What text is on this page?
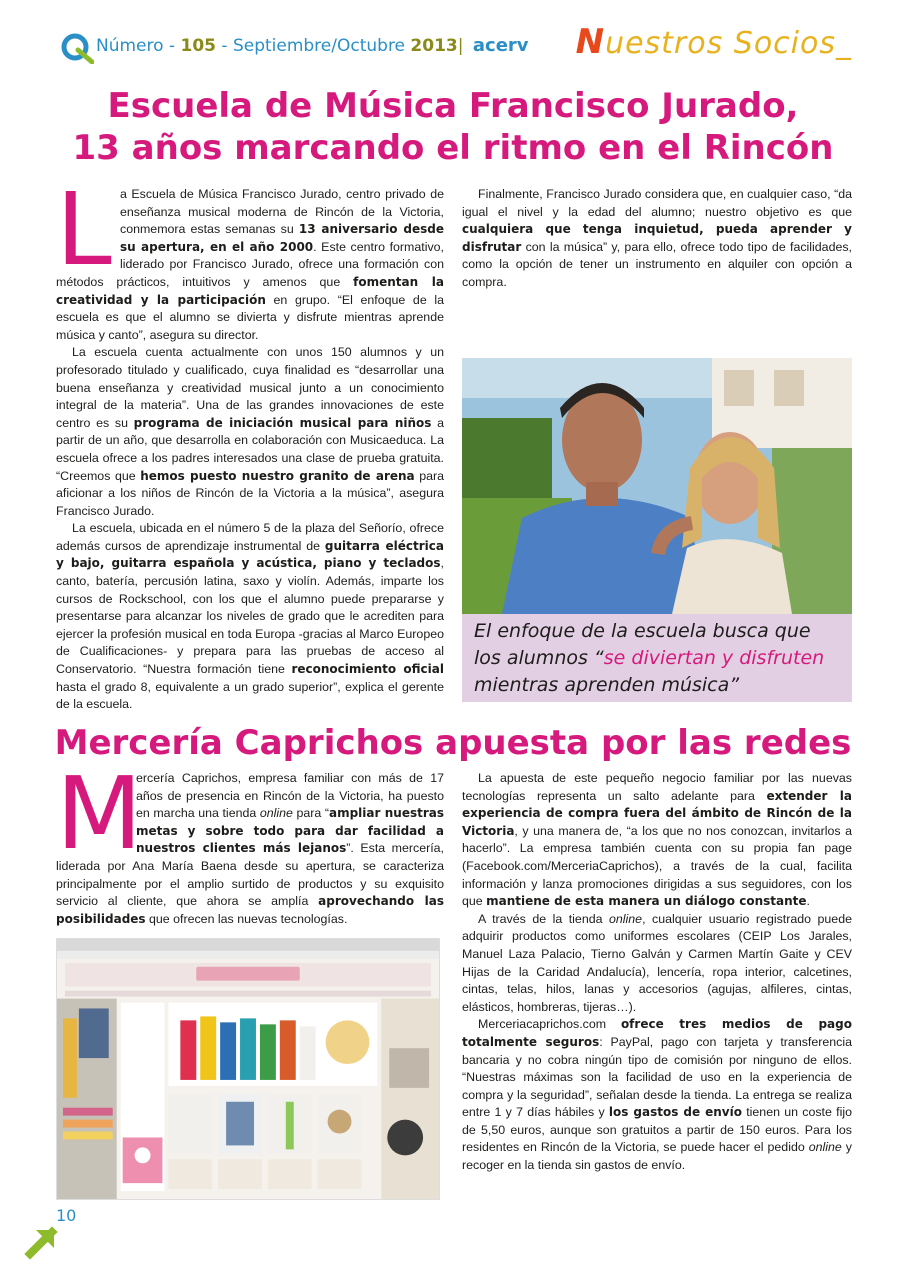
Número - 105 - Septiembre/Octubre 2013| acerv Nuestros Socios_
Escuela de Música Francisco Jurado,
13 años marcando el ritmo en el Rincón

La Escuela de Música Francisco Jurado, centro privado de enseñanza musical moderna de Rincón de la Victoria, conmemora estas semanas su 13 aniversario desde su apertura, en el año 2000. Este centro formativo, liderado por Francisco Jurado, ofrece una formación con métodos prácticos, intuitivos y amenos que fomentan la creatividad y la participación en grupo. “El enfoque de la escuela es que el alumno se divierta y disfrute mientras aprende música y canto”, asegura su director.

La escuela cuenta actualmente con unos 150 alumnos y un profesorado titulado y cualificado, cuya finalidad es “desarrollar una buena enseñanza y creatividad musical junto a un conocimiento integral de la materia”. Una de las grandes innovaciones de este centro es su programa de iniciación musical para niños a partir de un año, que desarrolla en colaboración con Musicaeduca. La escuela ofrece a los padres interesados una clase de prueba gratuita. “Creemos que hemos puesto nuestro granito de arena para aficionar a los niños de Rincón de la Victoria a la música”, asegura Francisco Jurado.

La escuela, ubicada en el número 5 de la plaza del Señorío, ofrece además cursos de aprendizaje instrumental de guitarra eléctrica y bajo, guitarra española y acústica, piano y teclados, canto, batería, percusión latina, saxo y violín. Además, imparte los cursos de Rockschool, con los que el alumno puede prepararse y presentarse para alcanzar los niveles de grado que le acrediten para ejercer la profesión musical en toda Europa -gracias al Marco Europeo de Cualificaciones- y prepara para las pruebas de acceso al Conservatorio. “Nuestra formación tiene reconocimiento oficial hasta el grado 8, equivalente a un grado superior”, explica el gerente de la escuela.

Finalmente, Francisco Jurado considera que, en cualquier caso, “da igual el nivel y la edad del alumno; nuestro objetivo es que cualquiera que tenga inquietud, pueda aprender y disfrutar con la música” y, para ello, ofrece todo tipo de facilidades, como la opción de tener un instrumento en alquiler con opción a compra.

El enfoque de la escuela busca que los alumnos “se diviertan y disfruten mientras aprenden música”
Mercería Caprichos apuesta por las redes

M
ercería Caprichos, empresa familiar con más de 17 años de presencia en Rincón de la Victoria, ha puesto en marcha una tienda online para “ampliar nuestras metas y sobre todo para dar facilidad a nuestros clientes más lejanos”. Esta mercería, liderada por Ana María Baena desde su apertura, se caracteriza principalmente por el amplio surtido de productos y su exquisito servicio al cliente, que ahora se amplía aprovechando las posibilidades que ofrecen las nuevas tecnologías.

La apuesta de este pequeño negocio familiar por las nuevas tecnologías representa un salto adelante para extender la experiencia de compra fuera del ámbito de Rincón de la Victoria, y una manera de, “a los que no nos conozcan, invitarlos a hacerlo”. La empresa también cuenta con su propia fan page (Facebook.com/MerceriaCaprichos), a través de la cual, facilita información y lanza promociones dirigidas a sus seguidores, con los que mantiene de esta manera un diálogo constante.

A través de la tienda online, cualquier usuario registrado puede adquirir productos como uniformes escolares (CEIP Los Jarales, Manuel Laza Palacio, Tierno Galván y Carmen Martín Gaite y CEV Hijas de la Caridad Andalucía), lencería, ropa interior, calcetines, cintas, telas, hilos, lanas y accesorios (agujas, alfileres, cintas, elásticos, hombreras, tijeras…).

Merceriacaprichos.com ofrece tres medios de pago totalmente seguros: PayPal, pago con tarjeta y transferencia bancaria y no cobra ningún tipo de comisión por ninguno de ellos. “Nuestras máximas son la facilidad de uso en la experiencia de compra y la seguridad”, señalan desde la tienda. La entrega se realiza entre 1 y 7 días hábiles y los gastos de envío tienen un coste fijo de 5,50 euros, aunque son gratuitos a partir de 150 euros. Para los residentes en Rincón de la Victoria, se puede hacer el pedido online y recoger en la tienda sin gastos de envío.

10
